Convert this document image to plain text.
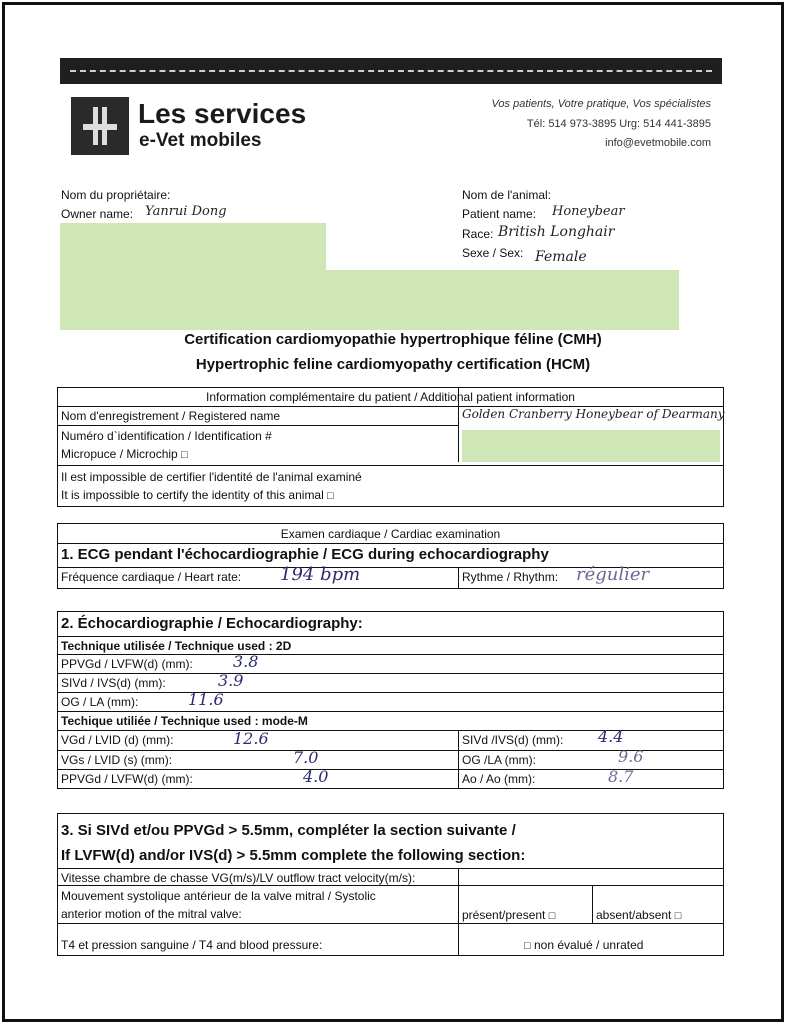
Les services
e-Vet mobiles
Vos patients, Votre pratique, Vos spécialistes
Tél: 514 973-3895 Urg: 514 441-3895
info@evetmobile.com
Nom du propriétaire:
Owner name: Yanrui Dong
Nom de l'animal:
Patient name: Honeybear
Race: British Longhair
Sexe / Sex: Female
Certification cardiomyopathie hypertrophique féline (CMH)
Hypertrophic feline cardiomyopathy certification (HCM)
Information complémentaire du patient / Additional patient information
Nom d'enregistrement / Registered name	Golden Cranberry Honeybear of Dearmany
Numéro d`identification / Identification #
Micropuce / Microchip □
Il est impossible de certifier l'identité de l'animal examiné
It is impossible to certify the identity of this animal □
Examen cardiaque / Cardiac examination
1. ECG pendant l'échocardiographie / ECG during echocardiography
Fréquence cardiaque / Heart rate: 194 bpm	Rythme / Rhythm: régulier
2. Échocardiographie / Echocardiography:
Technique utilisée / Technique used : 2D
PPVGd / LVFW(d) (mm):	3.8
SIVd / IVS(d) (mm):	3.9
OG / LA (mm):	11.6
Techique utiliée / Technique used : mode-M
VGd / LVID (d) (mm):	12.6	SIVd /IVS(d) (mm): 4.4
VGs / LVID (s) (mm):	7.0	OG /LA (mm):	9.6
PPVGd / LVFW(d) (mm):	4.0	Ao / Ao (mm):	8.7
3. Si SIVd et/ou PPVGd > 5.5mm, compléter la section suivante /
If LVFW(d) and/or IVS(d) > 5.5mm complete the following section:
Vitesse chambre de chasse VG(m/s)/LV outflow tract velocity(m/s):
Mouvement systolique antérieur de la valve mitral / Systolic
anterior motion of the mitral valve:	présent/present □	absent/absent □
T4 et pression sanguine / T4 and blood pressure:	□ non évalué / unrated
